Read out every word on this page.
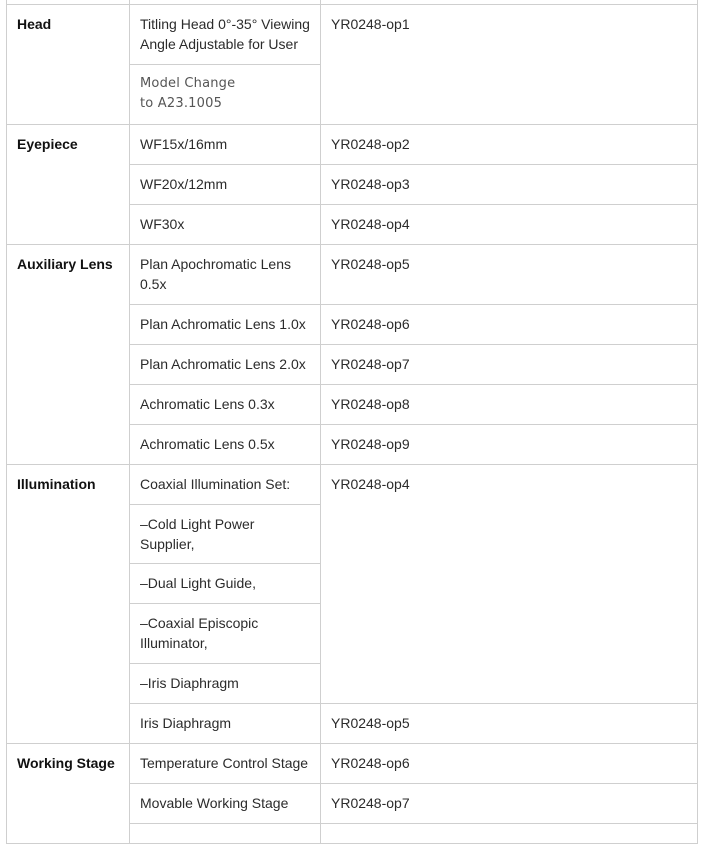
Head	Titling Head 0°-35° Viewing Angle Adjustable for User	YR0248-op1
	Model Change
to A23.1005	
Eyepiece	WF15x/16mm	YR0248-op2
	WF20x/12mm	YR0248-op3
	WF30x	YR0248-op4
Auxiliary Lens	Plan Apochromatic Lens 0.5x	YR0248-op5
	Plan Achromatic Lens 1.0x	YR0248-op6
	Plan Achromatic Lens 2.0x	YR0248-op7
	Achromatic Lens 0.3x	YR0248-op8
	Achromatic Lens 0.5x	YR0248-op9
Illumination	Coaxial Illumination Set:	YR0248-op4
	–Cold Light Power Supplier,	
	–Dual Light Guide,	
	–Coaxial Episcopic Illuminator,	
	–Iris Diaphragm	
	Iris Diaphragm	YR0248-op5
Working Stage	Temperature Control Stage	YR0248-op6
	Movable Working Stage	YR0248-op7
